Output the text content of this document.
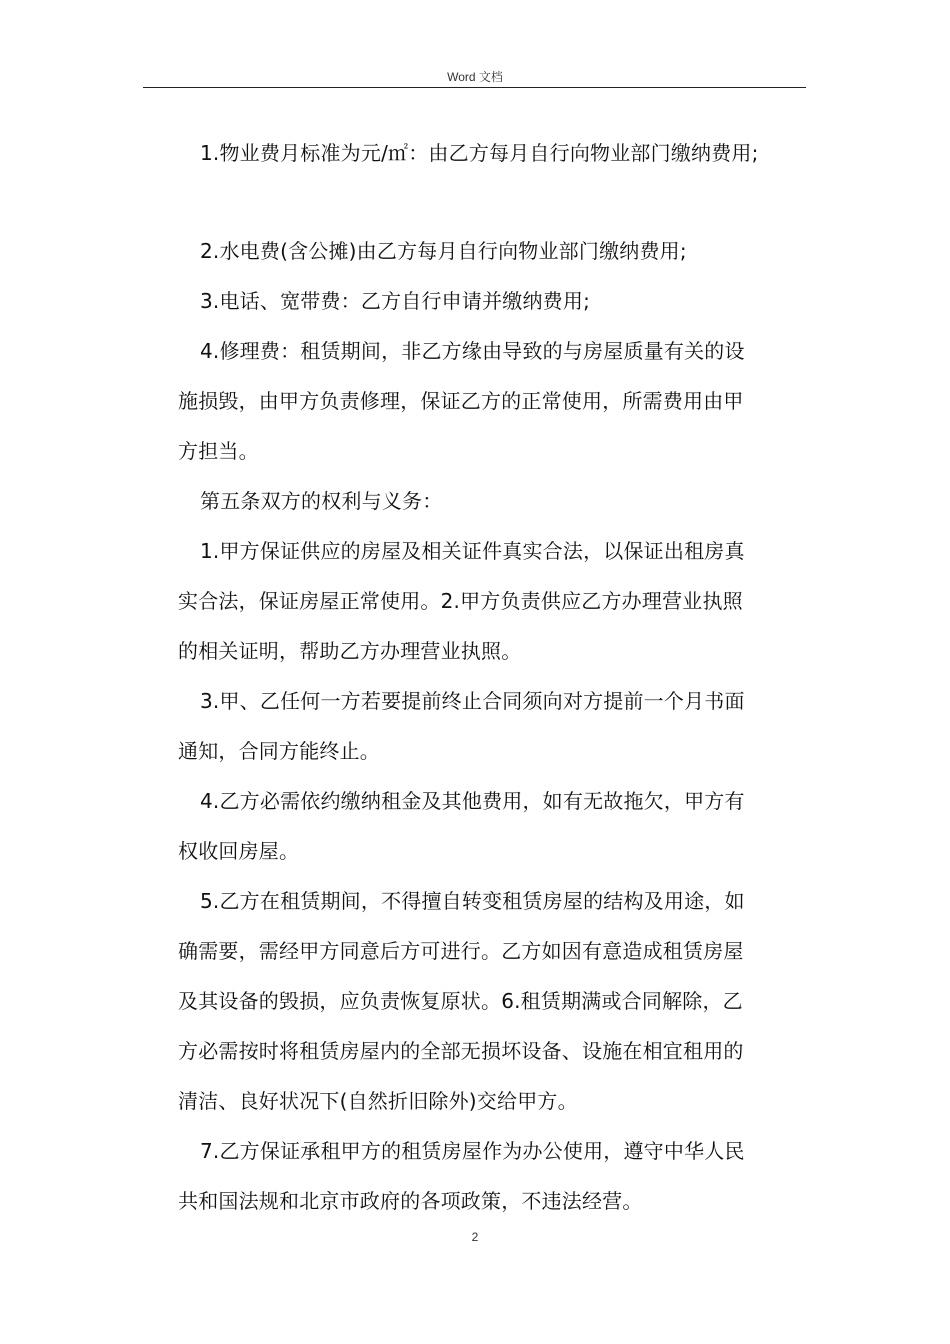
Word 文档

1.物业费月标准为元/㎡：由乙方每月自行向物业部门缴纳费用;

2.水电费(含公摊)由乙方每月自行向物业部门缴纳费用;

3.电话、宽带费：乙方自行申请并缴纳费用;

4.修理费：租赁期间，非乙方缘由导致的与房屋质量有关的设
施损毁，由甲方负责修理，保证乙方的正常使用，所需费用由甲
方担当。

第五条双方的权利与义务：

1.甲方保证供应的房屋及相关证件真实合法，以保证出租房真
实合法，保证房屋正常使用。2.甲方负责供应乙方办理营业执照
的相关证明，帮助乙方办理营业执照。

3.甲、乙任何一方若要提前终止合同须向对方提前一个月书面
通知，合同方能终止。

4.乙方必需依约缴纳租金及其他费用，如有无故拖欠，甲方有
权收回房屋。

5.乙方在租赁期间，不得擅自转变租赁房屋的结构及用途，如
确需要，需经甲方同意后方可进行。乙方如因有意造成租赁房屋
及其设备的毁损，应负责恢复原状。6.租赁期满或合同解除，乙
方必需按时将租赁房屋内的全部无损坏设备、设施在相宜租用的
清洁、良好状况下(自然折旧除外)交给甲方。

7.乙方保证承租甲方的租赁房屋作为办公使用，遵守中华人民
共和国法规和北京市政府的各项政策，不违法经营。

2
